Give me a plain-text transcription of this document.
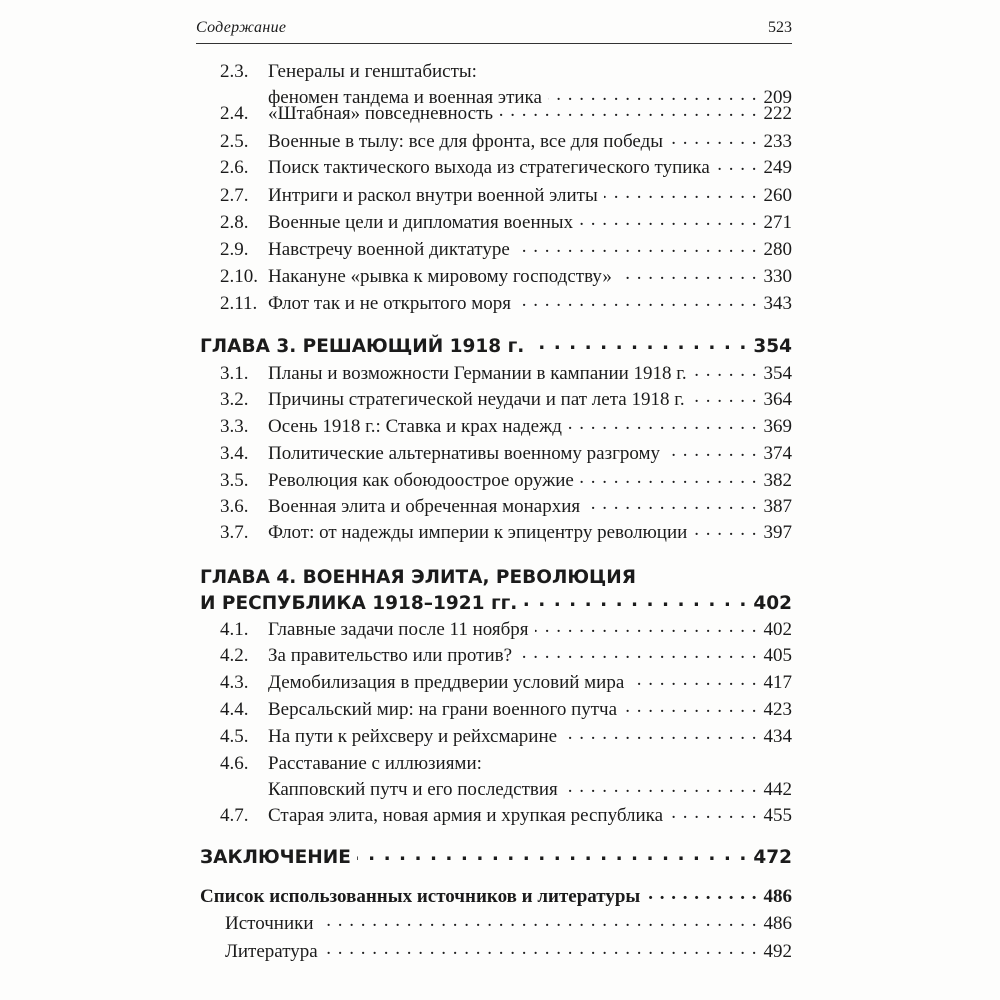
Содержание	523
2.3. Генералы и генштабисты:
феномен тандема и военная этика . . .	209
2.4. «Штабная» повседневность . . .	222
2.5. Военные в тылу: все для фронта, все для победы . . .	233
2.6. Поиск тактического выхода из стратегического тупика . . .	249
2.7. Интриги и раскол внутри военной элиты . . .	260
2.8. Военные цели и дипломатия военных . . .	271
2.9. Навстречу военной диктатуре . . .	280
2.10. Накануне «рывка к мировому господству» . . .	330
2.11. Флот так и не открытого моря . . .	343
ГЛАВА 3. РЕШАЮЩИЙ 1918 г. . . .	354
3.1. Планы и возможности Германии в кампании 1918 г. . . .	354
3.2. Причины стратегической неудачи и пат лета 1918 г. . . .	364
3.3. Осень 1918 г.: Ставка и крах надежд . . .	369
3.4. Политические альтернативы военному разгрому . . .	374
3.5. Революция как обоюдоострое оружие . . .	382
3.6. Военная элита и обреченная монархия . . .	387
3.7. Флот: от надежды империи к эпицентру революции . . .	397
ГЛАВА 4. ВОЕННАЯ ЭЛИТА, РЕВОЛЮЦИЯ
И РЕСПУБЛИКА 1918–1921 гг. . . .	402
4.1. Главные задачи после 11 ноября . . .	402
4.2. За правительство или против? . . .	405
4.3. Демобилизация в преддверии условий мира . . .	417
4.4. Версальский мир: на грани военного путча . . .	423
4.5. На пути к рейхсверу и рейхсмарине . . .	434
4.6. Расставание с иллюзиями:
Капповский путч и его последствия . . .	442
4.7. Старая элита, новая армия и хрупкая республика . . .	455
ЗАКЛЮЧЕНИЕ . . .	472
Список использованных источников и литературы . . .	486
Источники . . .	486
Литература . . .	492
